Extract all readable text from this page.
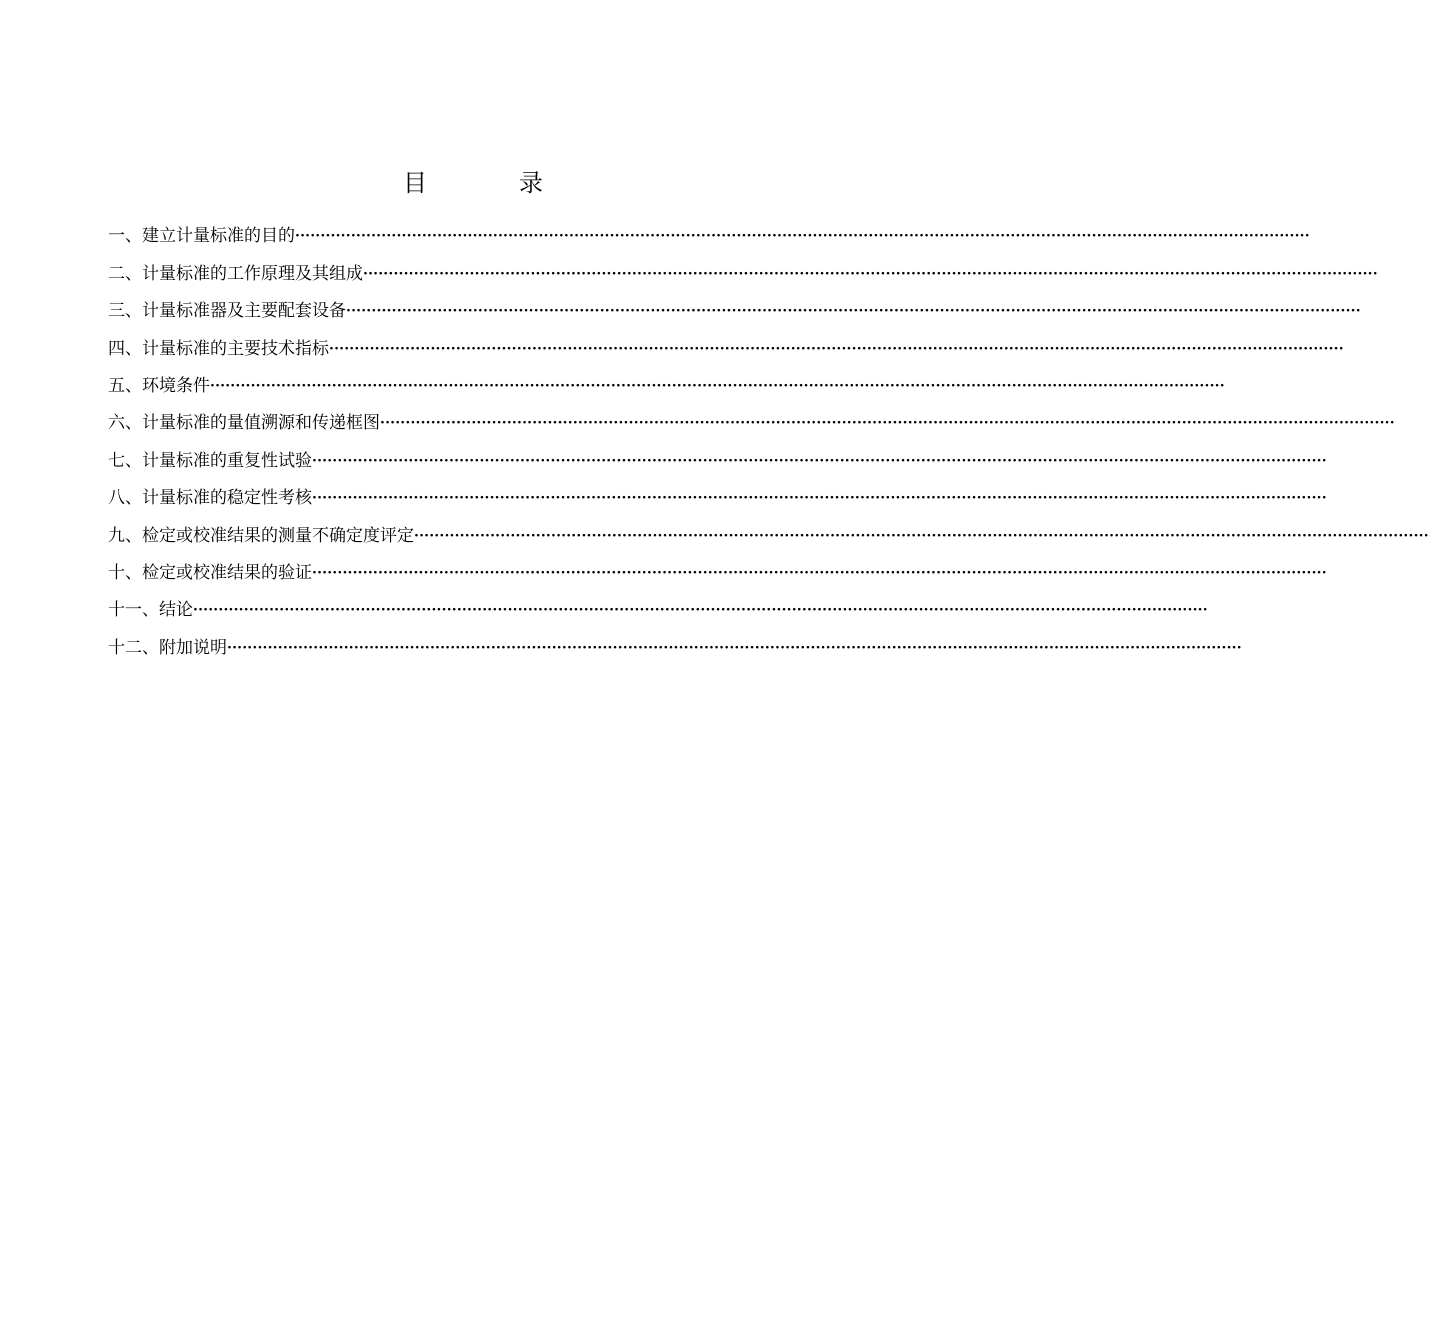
目　录
一、建立计量标准的目的 ········································································································································································································
二、计量标准的工作原理及其组成 ········································································································································································································
三、计量标准器及主要配套设备 ········································································································································································································
四、计量标准的主要技术指标 ········································································································································································································
五、环境条件 ········································································································································································································
六、计量标准的量值溯源和传递框图 ········································································································································································································
七、计量标准的重复性试验 ········································································································································································································
八、计量标准的稳定性考核 ········································································································································································································
九、检定或校准结果的测量不确定度评定 ········································································································································································································
十、检定或校准结果的验证 ········································································································································································································
十一、结论 ········································································································································································································
十二、附加说明 ········································································································································································································
